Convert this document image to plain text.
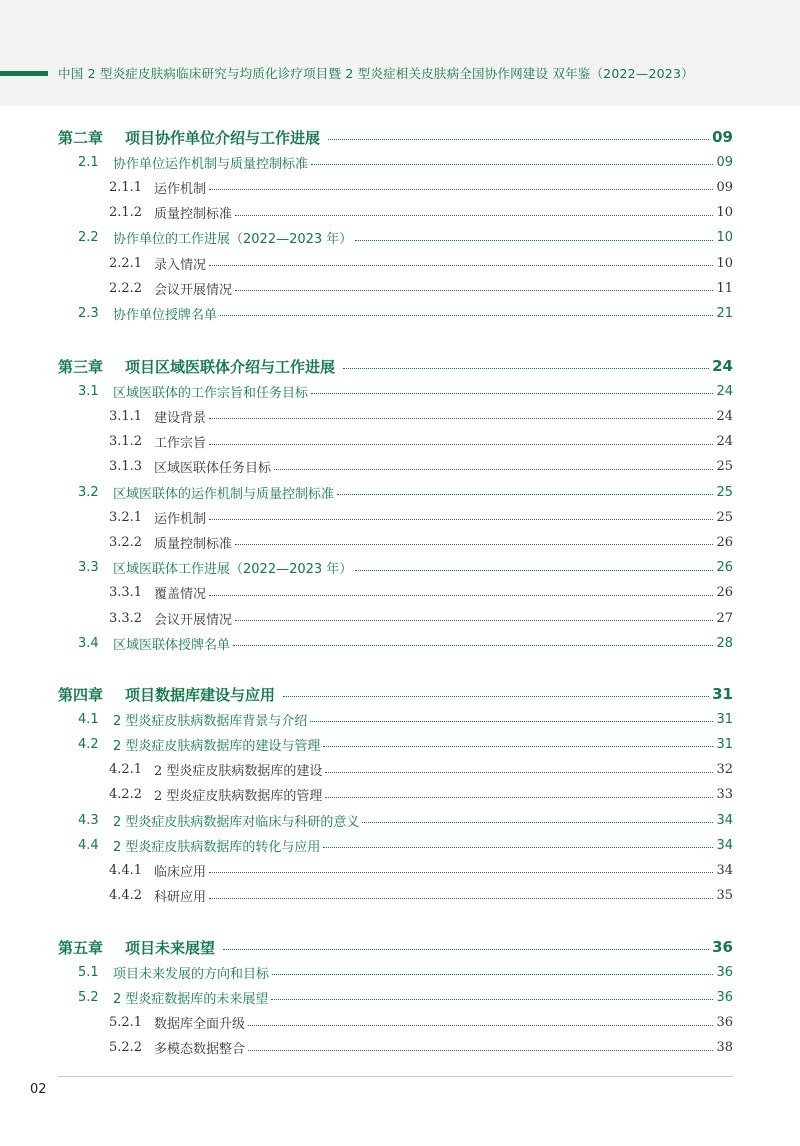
中国 2 型炎症皮肤病临床研究与均质化诊疗项目暨 2 型炎症相关皮肤病全国协作网建设 双年鉴（2022—2023）
第二章	项目协作单位介绍与工作进展	09
2.1	协作单位运作机制与质量控制标准	09
2.1.1 运作机制	09
2.1.2 质量控制标准	10
2.2	协作单位的工作进展（2022—2023 年）	10
2.2.1 录入情况	10
2.2.2 会议开展情况	11
2.3	协作单位授牌名单	21
第三章	项目区域医联体介绍与工作进展	24
3.1	区域医联体的工作宗旨和任务目标	24
3.1.1 建设背景	24
3.1.2 工作宗旨	24
3.1.3 区域医联体任务目标	25
3.2	区域医联体的运作机制与质量控制标准	25
3.2.1 运作机制	25
3.2.2 质量控制标准	26
3.3	区域医联体工作进展（2022—2023 年）	26
3.3.1 覆盖情况	26
3.3.2 会议开展情况	27
3.4	区域医联体授牌名单	28
第四章	项目数据库建设与应用	31
4.1	2 型炎症皮肤病数据库背景与介绍	31
4.2	2 型炎症皮肤病数据库的建设与管理	31
4.2.1 2 型炎症皮肤病数据库的建设	32
4.2.2 2 型炎症皮肤病数据库的管理	33
4.3	2 型炎症皮肤病数据库对临床与科研的意义	34
4.4	2 型炎症皮肤病数据库的转化与应用	34
4.4.1 临床应用	34
4.4.2 科研应用	35
第五章	项目未来展望	36
5.1	项目未来发展的方向和目标	36
5.2	2 型炎症数据库的未来展望	36
5.2.1 数据库全面升级	36
5.2.2 多模态数据整合	38
02
